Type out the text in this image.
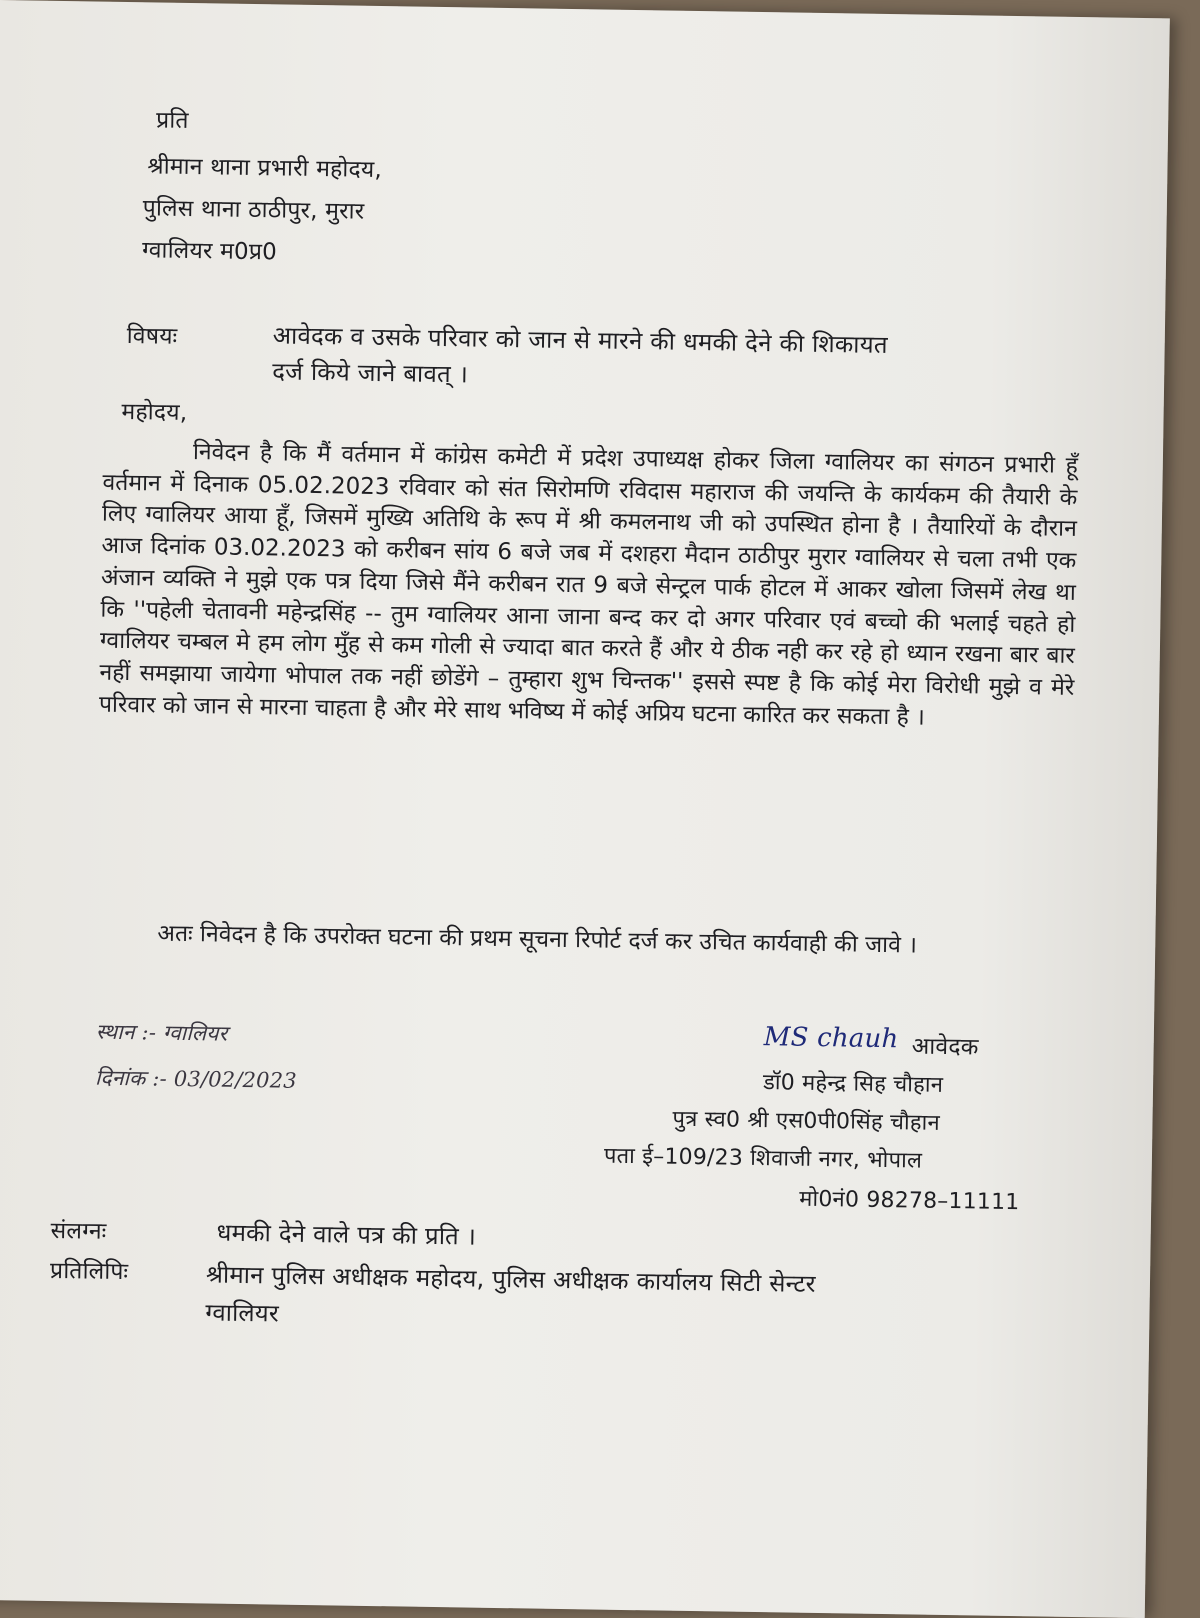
प्रति
श्रीमान थाना प्रभारी महोदय,
पुलिस थाना ठाठीपुर, मुरार
ग्वालियर म0प्र0
विषयः	आवेदक व उसके परिवार को जान से मारने की धमकी देने की शिकायत
दर्ज किये जाने बावत् ।
महोदय,
निवेदन है कि मैं वर्तमान में कांग्रेस कमेटी में प्रदेश उपाध्यक्ष होकर जिला ग्वालियर का संगठन प्रभारी हूँ वर्तमान में दिनाक 05.02.2023 रविवार को संत सिरोमणि रविदास महाराज की जयन्ति के कार्यकम की तैयारी के लिए ग्वालियर आया हूँ, जिसमें मुख्यि अतिथि के रूप में श्री कमलनाथ जी को उपस्थित होना है । तैयारियों के दौरान आज दिनांक 03.02.2023 को करीबन सांय 6 बजे जब में दशहरा मैदान ठाठीपुर मुरार ग्वालियर से चला तभी एक अंजान व्यक्ति ने मुझे एक पत्र दिया जिसे मैंने करीबन रात 9 बजे सेन्ट्रल पार्क होटल में आकर खोला जिसमें लेख था कि ''पहेली चेतावनी महेन्द्रसिंह -- तुम ग्वालियर आना जाना बन्द कर दो अगर परिवार एवं बच्चो की भलाई चहते हो ग्वालियर चम्बल मे हम लोग मुँह से कम गोली से ज्यादा बात करते हैं और ये ठीक नही कर रहे हो ध्यान रखना बार बार नहीं समझाया जायेगा भोपाल तक नहीं छोडेंगे – तुम्हारा शुभ चिन्तक'' इससे स्पष्ट है कि कोई मेरा विरोधी मुझे व मेरे परिवार को जान से मारना चाहता है और मेरे साथ भविष्य में कोई अप्रिय घटना कारित कर सकता है ।
अतः निवेदन है कि उपरोक्त घटना की प्रथम सूचना रिपोर्ट दर्ज कर उचित कार्यवाही की जावे ।
स्थान :- ग्वालियर
दिनांक :- 03/02/2023
MS chauh आवेदक
डॉ0 महेन्द्र सिह चौहान
पुत्र स्व0 श्री एस0पी0सिंह चौहान
पता ई–109/23 शिवाजी नगर, भोपाल
मो0नं0 98278–11111
संलग्नः	धमकी देने वाले पत्र की प्रति ।
प्रतिलिपिः	श्रीमान पुलिस अधीक्षक महोदय, पुलिस अधीक्षक कार्यालय सिटी सेन्टर
ग्वालियर
